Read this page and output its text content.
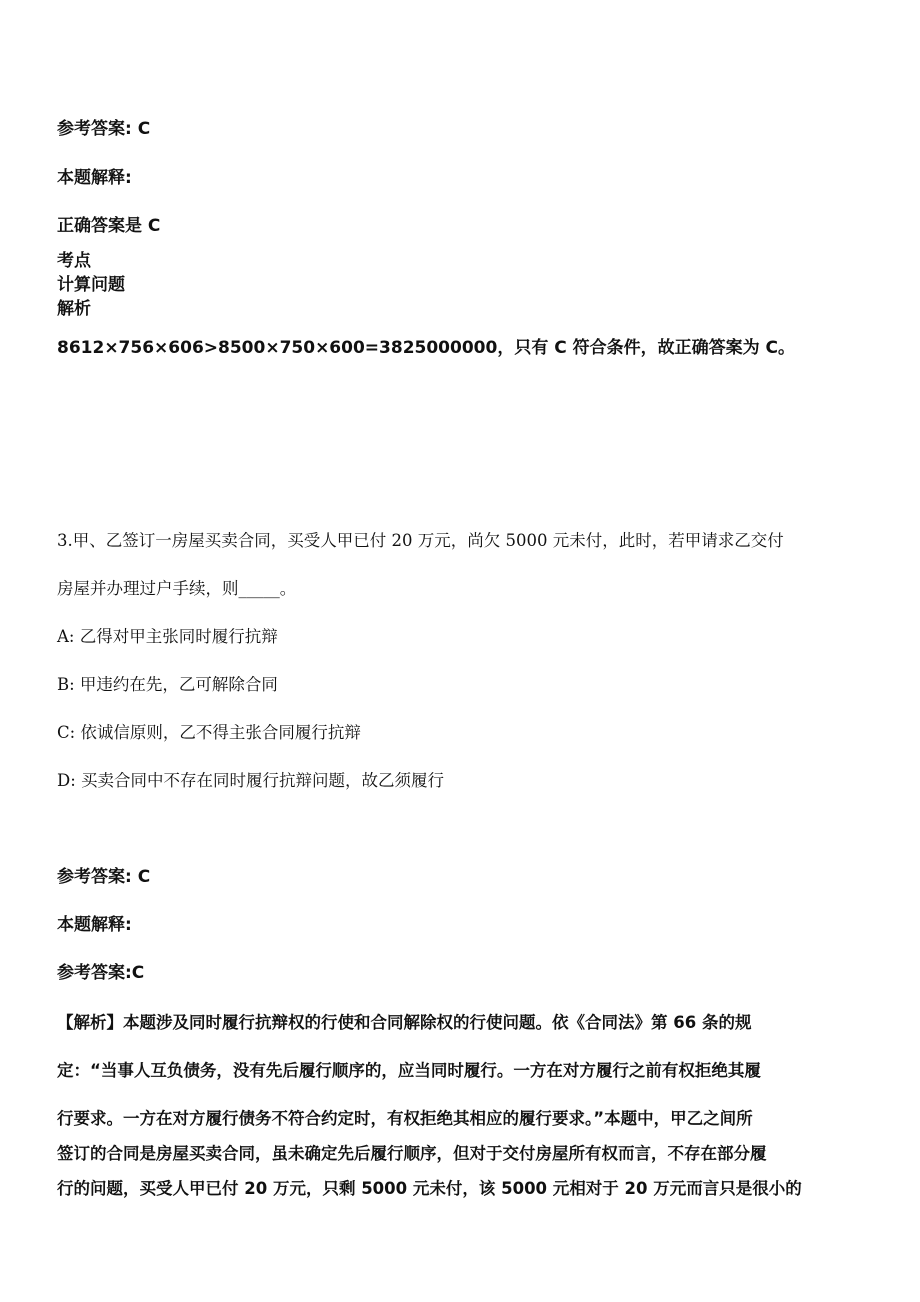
参考答案: C
本题解释:
正确答案是 C
考点
计算问题
解析
8612×756×606>8500×750×600=3825000000，只有 C 符合条件，故正确答案为 C。
3.甲、乙签订一房屋买卖合同，买受人甲已付 20 万元，尚欠 5000 元未付，此时，若甲请求乙交付
房屋并办理过户手续，则_____。
A: 乙得对甲主张同时履行抗辩
B: 甲违约在先，乙可解除合同
C: 依诚信原则，乙不得主张合同履行抗辩
D: 买卖合同中不存在同时履行抗辩问题，故乙须履行
参考答案: C
本题解释:
参考答案:C
【解析】本题涉及同时履行抗辩权的行使和合同解除权的行使问题。依《合同法》第 66 条的规
定：“当事人互负债务，没有先后履行顺序的，应当同时履行。一方在对方履行之前有权拒绝其履
行要求。一方在对方履行债务不符合约定时，有权拒绝其相应的履行要求。”本题中，甲乙之间所
签订的合同是房屋买卖合同，虽未确定先后履行顺序，但对于交付房屋所有权而言，不存在部分履
行的问题，买受人甲已付 20 万元，只剩 5000 元未付，该 5000 元相对于 20 万元而言只是很小的
